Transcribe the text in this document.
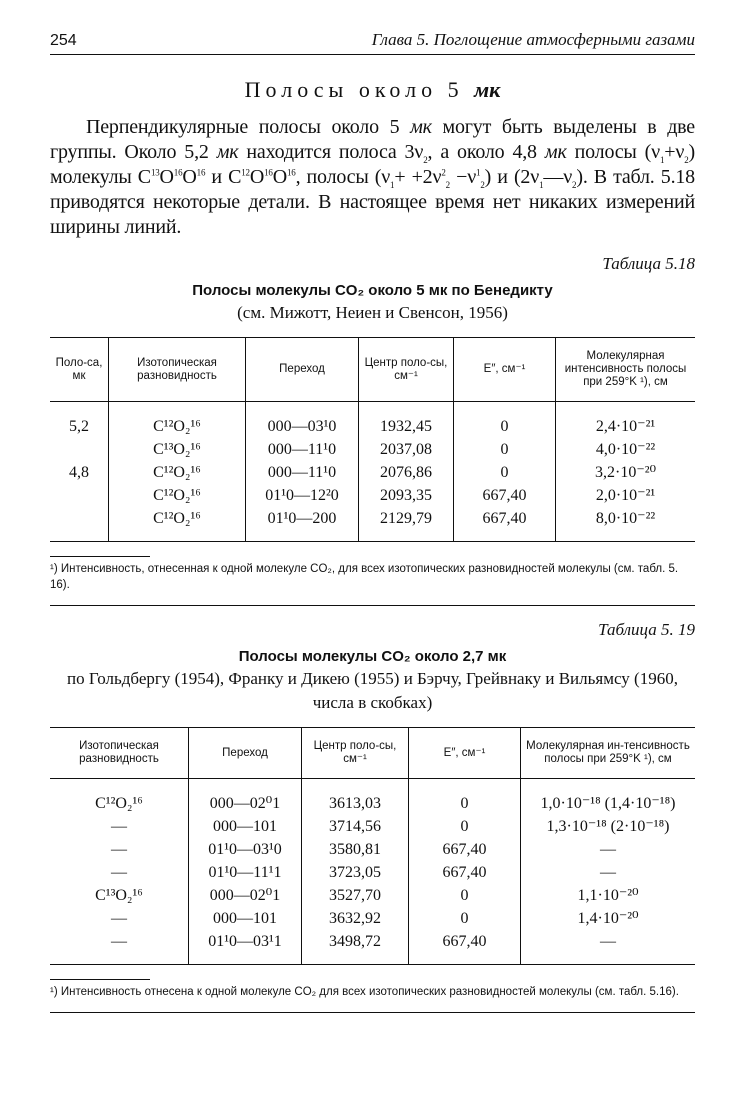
254	Глава 5. Поглощение атмосферными газами
Полосы около 5 мк

Перпендикулярные полосы около 5 мк могут быть выделены в две группы. Около 5,2 мк находится полоса $3\nu_2$, а около 4,8 мк полосы $(\nu_1+\nu_2)$ молекулы $C^{13}O^{16}O^{16}$ и $C^{12}O^{16}O^{16}$, полосы $(\nu_1+ +2\nu^2_2 -\nu^1_2)$ и $(2\nu_1—\nu_2)$. В табл. 5.18 приводятся некоторые детали. В настоящее время нет никаких измерений ширины линий.

Таблица 5.18
Полосы молекулы CO₂ около 5 мк по Бенедикту
(см. Мижотт, Неиен и Свенсон, 1956)
Поло-са, мк	Изотопическая разновидность	Переход	Центр поло-сы, см⁻¹	E″, см⁻¹	Молекулярная интенсивность полосы при 259°K ¹), см
5,2	C¹²O₂¹⁶	000—03¹0	1932,45	0	2,4·10⁻²¹
	C¹³O₂¹⁶	000—11¹0	2037,08	0	4,0·10⁻²²
4,8	C¹²O₂¹⁶	000—11¹0	2076,86	0	3,2·10⁻²⁰
	C¹²O₂¹⁶	01¹0—12²0	2093,35	667,40	2,0·10⁻²¹
	C¹²O₂¹⁶	01¹0—200	2129,79	667,40	8,0·10⁻²²
¹) Интенсивность, отнесенная к одной молекуле CO₂, для всех изотопических разновидностей молекулы (см. табл. 5. 16).
Таблица 5. 19
Полосы молекулы CO₂ около 2,7 мк
по Гольдбергу (1954), Франку и Дикею (1955) и Бэрчу, Грейвнаку и Вильямсу (1960, числа в скобках)
Изотопическая разновидность	Переход	Центр поло-сы, см⁻¹	E″, см⁻¹	Молекулярная ин-тенсивность полосы при 259°K ¹), см
C¹²O₂¹⁶	000—02⁰1	3613,03	0	1,0·10⁻¹⁸ (1,4·10⁻¹⁸)
—	000—101	3714,56	0	1,3·10⁻¹⁸ (2·10⁻¹⁸)
—	01¹0—03¹0	3580,81	667,40	—
—	01¹0—11¹1	3723,05	667,40	—
C¹³O₂¹⁶	000—02⁰1	3527,70	0	1,1·10⁻²⁰
—	000—101	3632,92	0	1,4·10⁻²⁰
—	01¹0—03¹1	3498,72	667,40	—
¹) Интенсивность отнесена к одной молекуле CO₂ для всех изотопических разновидностей молекулы (см. табл. 5.16).
